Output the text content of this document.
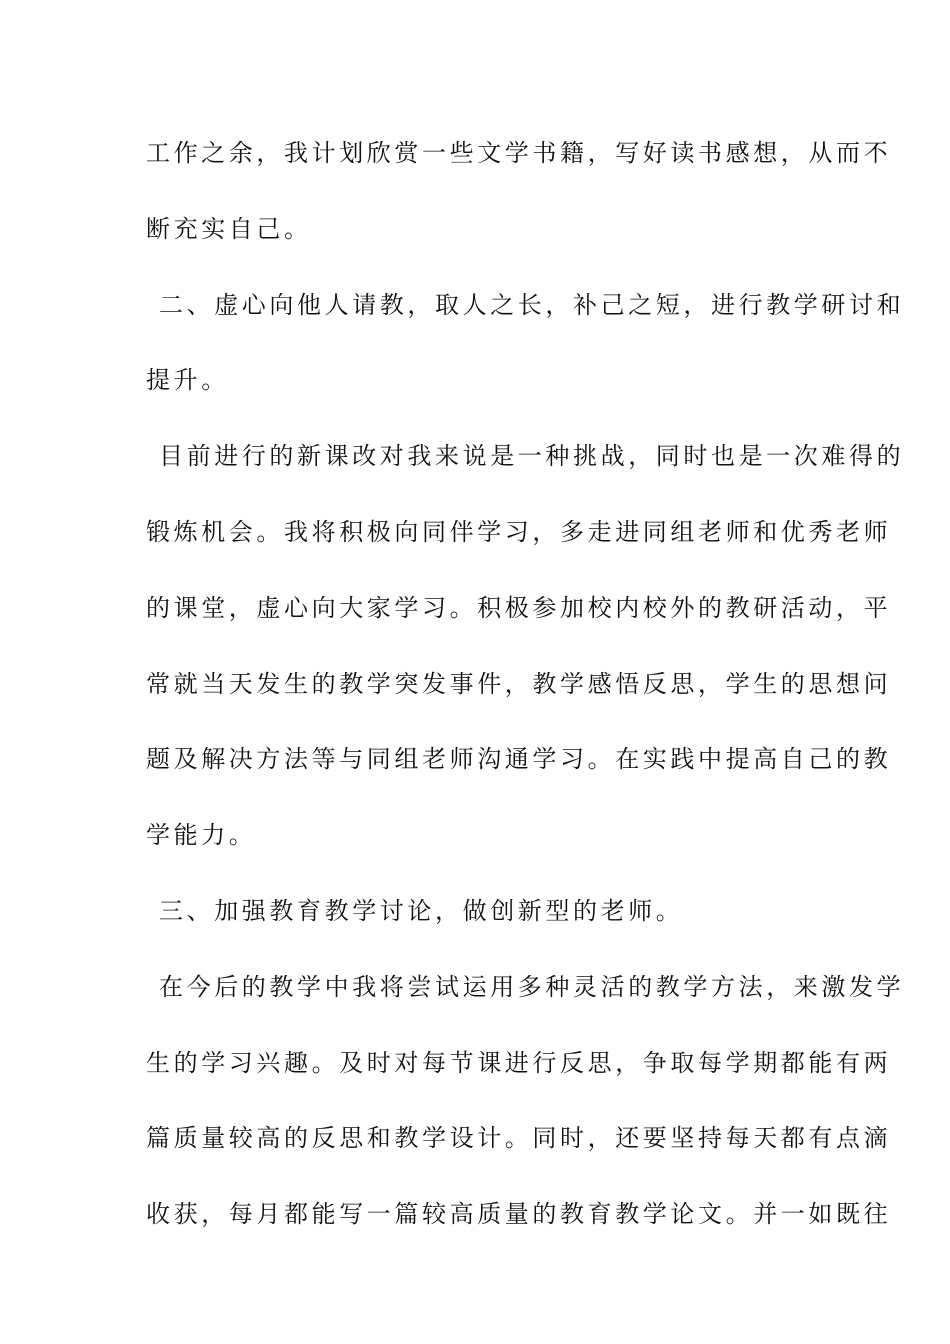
工作之余，我计划欣赏一些文学书籍，写好读书感想，从而不
断充实自己。
二、虚心向他人请教，取人之长，补己之短，进行教学研讨和
提升。
目前进行的新课改对我来说是一种挑战，同时也是一次难得的
锻炼机会。我将积极向同伴学习，多走进同组老师和优秀老师
的课堂，虚心向大家学习。积极参加校内校外的教研活动，平
常就当天发生的教学突发事件，教学感悟反思，学生的思想问
题及解决方法等与同组老师沟通学习。在实践中提高自己的教
学能力。
三、加强教育教学讨论，做创新型的老师。
在今后的教学中我将尝试运用多种灵活的教学方法，来激发学
生的学习兴趣。及时对每节课进行反思，争取每学期都能有两
篇质量较高的反思和教学设计。同时，还要坚持每天都有点滴
收获，每月都能写一篇较高质量的教育教学论文。并一如既往
